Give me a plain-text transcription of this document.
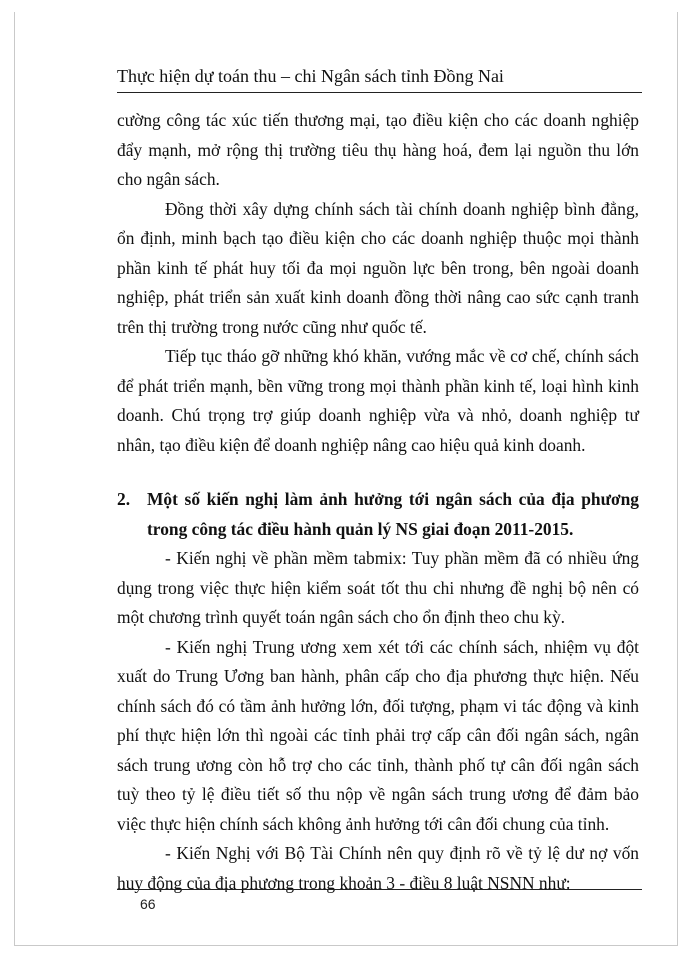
Thực hiện dự toán thu – chi Ngân sách tỉnh Đồng Nai

cường công tác xúc tiến thương mại, tạo điều kiện cho các doanh nghiệp đẩy mạnh, mở rộng thị trường tiêu thụ hàng hoá, đem lại nguồn thu lớn cho ngân sách.

Đồng thời xây dựng chính sách tài chính doanh nghiệp bình đẳng, ổn định, minh bạch tạo điều kiện cho các doanh nghiệp thuộc mọi thành phần kinh tế phát huy tối đa mọi nguồn lực bên trong, bên ngoài doanh nghiệp, phát triển sản xuất kinh doanh đồng thời nâng cao sức cạnh tranh trên thị trường trong nước cũng như quốc tế.

Tiếp tục tháo gỡ những khó khăn, vướng mắc về cơ chế, chính sách để phát triển mạnh, bền vững trong mọi thành phần kinh tế, loại hình kinh doanh. Chú trọng trợ giúp doanh nghiệp vừa và nhỏ, doanh nghiệp tư nhân, tạo điều kiện để doanh nghiệp nâng cao hiệu quả kinh doanh.

2. Một số kiến nghị làm ảnh hưởng tới ngân sách của địa phương trong công tác điều hành quản lý NS giai đoạn 2011-2015.

- Kiến nghị về phần mềm tabmix: Tuy phần mềm đã có nhiều ứng dụng trong việc thực hiện kiểm soát tốt thu chi nhưng đề nghị bộ nên có một chương trình quyết toán ngân sách cho ổn định theo chu kỳ.

- Kiến nghị Trung ương xem xét tới các chính sách, nhiệm vụ đột xuất do Trung Ương ban hành, phân cấp cho địa phương thực hiện. Nếu chính sách đó có tầm ảnh hưởng lớn, đối tượng, phạm vi tác động và kinh phí thực hiện lớn thì ngoài các tỉnh phải trợ cấp cân đối ngân sách, ngân sách trung ương còn hỗ trợ cho các tỉnh, thành phố tự cân đối ngân sách tuỳ theo tỷ lệ điều tiết số thu nộp về ngân sách trung ương để đảm bảo việc thực hiện chính sách không ảnh hưởng tới cân đối chung của tỉnh.

- Kiến Nghị với Bộ Tài Chính nên quy định rõ về tỷ lệ dư nợ vốn huy động của địa phương trong khoản 3 - điều 8 luật NSNN như:

66
